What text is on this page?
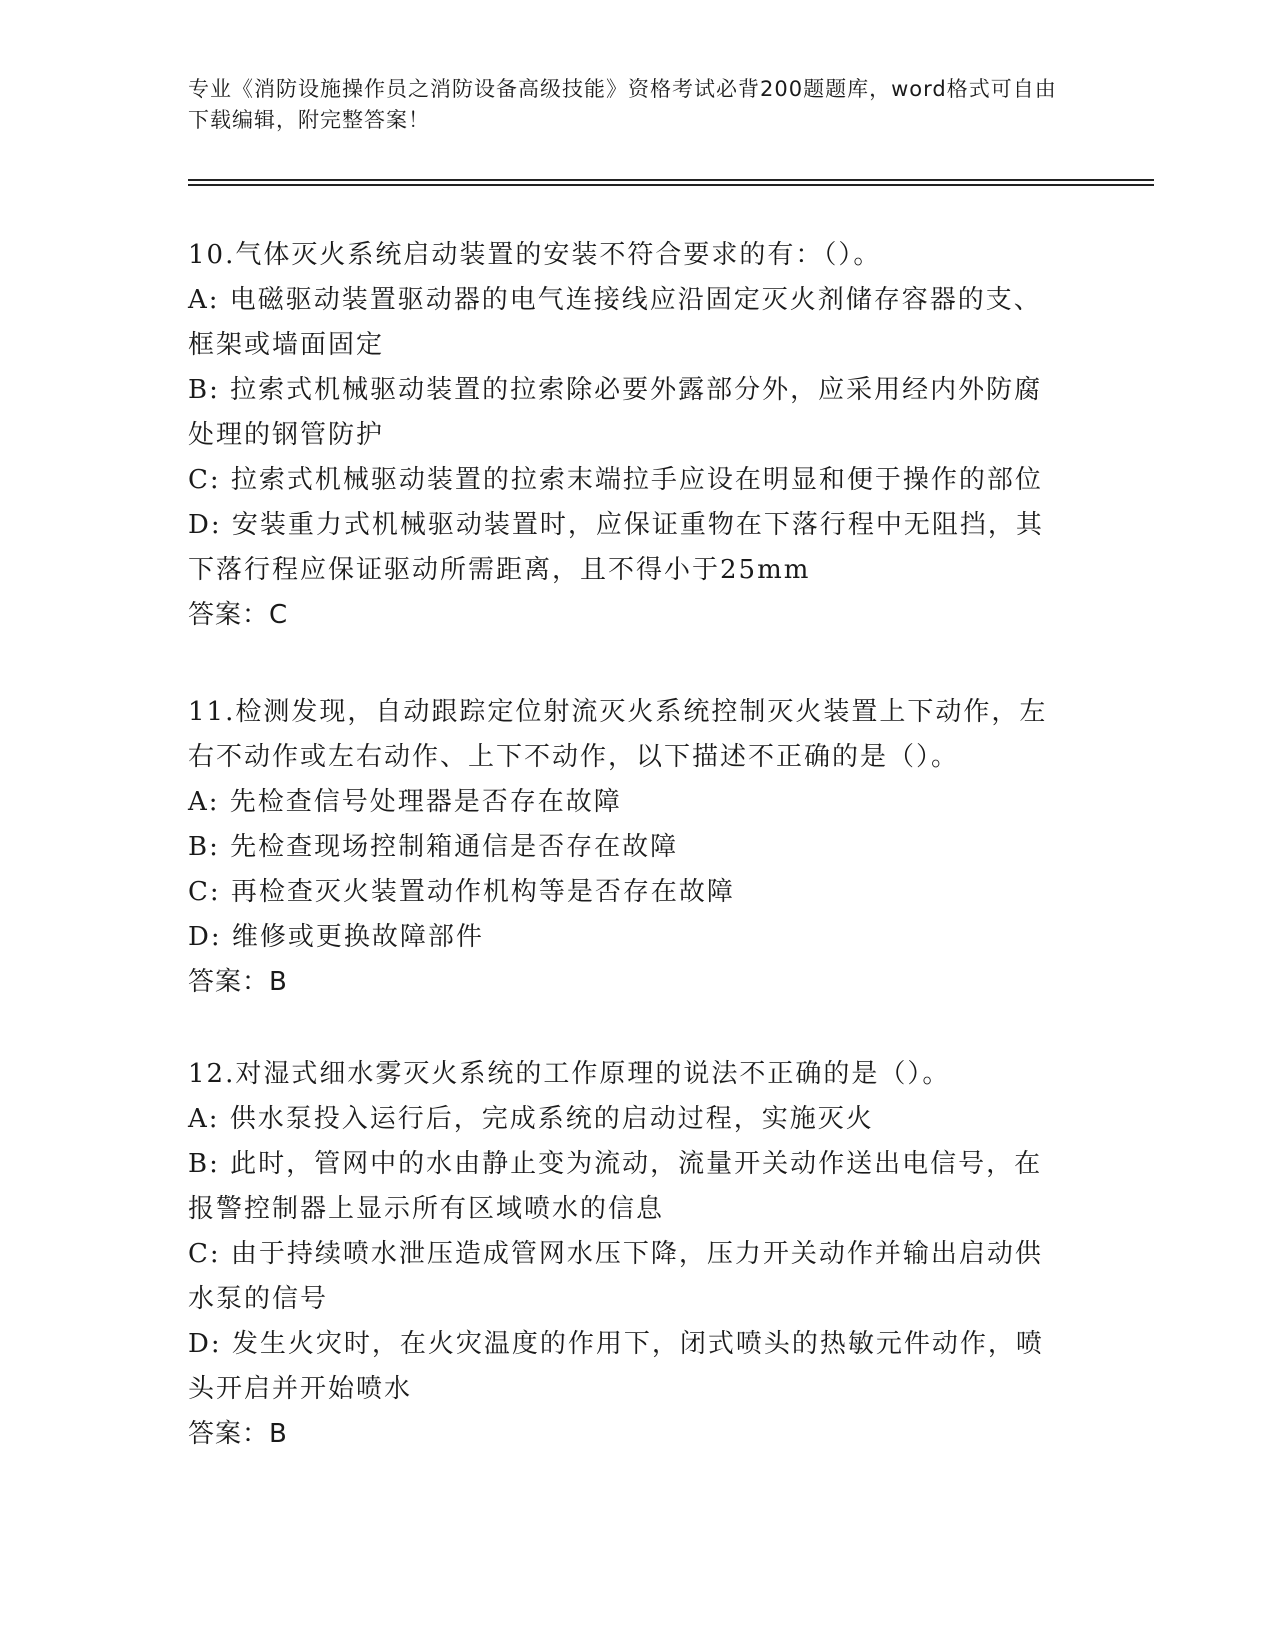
专业《消防设施操作员之消防设备高级技能》资格考试必背200题题库，word格式可自由下载编辑，附完整答案！
10.气体灭火系统启动装置的安装不符合要求的有：（）。
A: 电磁驱动装置驱动器的电气连接线应沿固定灭火剂储存容器的支、
框架或墙面固定
B: 拉索式机械驱动装置的拉索除必要外露部分外，应采用经内外防腐
处理的钢管防护
C: 拉索式机械驱动装置的拉索末端拉手应设在明显和便于操作的部位
D: 安装重力式机械驱动装置时，应保证重物在下落行程中无阻挡，其
下落行程应保证驱动所需距离，且不得小于25mm
答案：C
11.检测发现，自动跟踪定位射流灭火系统控制灭火装置上下动作，左
右不动作或左右动作、上下不动作，以下描述不正确的是（）。
A: 先检查信号处理器是否存在故障
B: 先检查现场控制箱通信是否存在故障
C: 再检查灭火装置动作机构等是否存在故障
D: 维修或更换故障部件
答案：B
12.对湿式细水雾灭火系统的工作原理的说法不正确的是（）。
A: 供水泵投入运行后，完成系统的启动过程，实施灭火
B: 此时，管网中的水由静止变为流动，流量开关动作送出电信号，在
报警控制器上显示所有区域喷水的信息
C: 由于持续喷水泄压造成管网水压下降，压力开关动作并输出启动供
水泵的信号
D: 发生火灾时，在火灾温度的作用下，闭式喷头的热敏元件动作，喷
头开启并开始喷水
答案：B
